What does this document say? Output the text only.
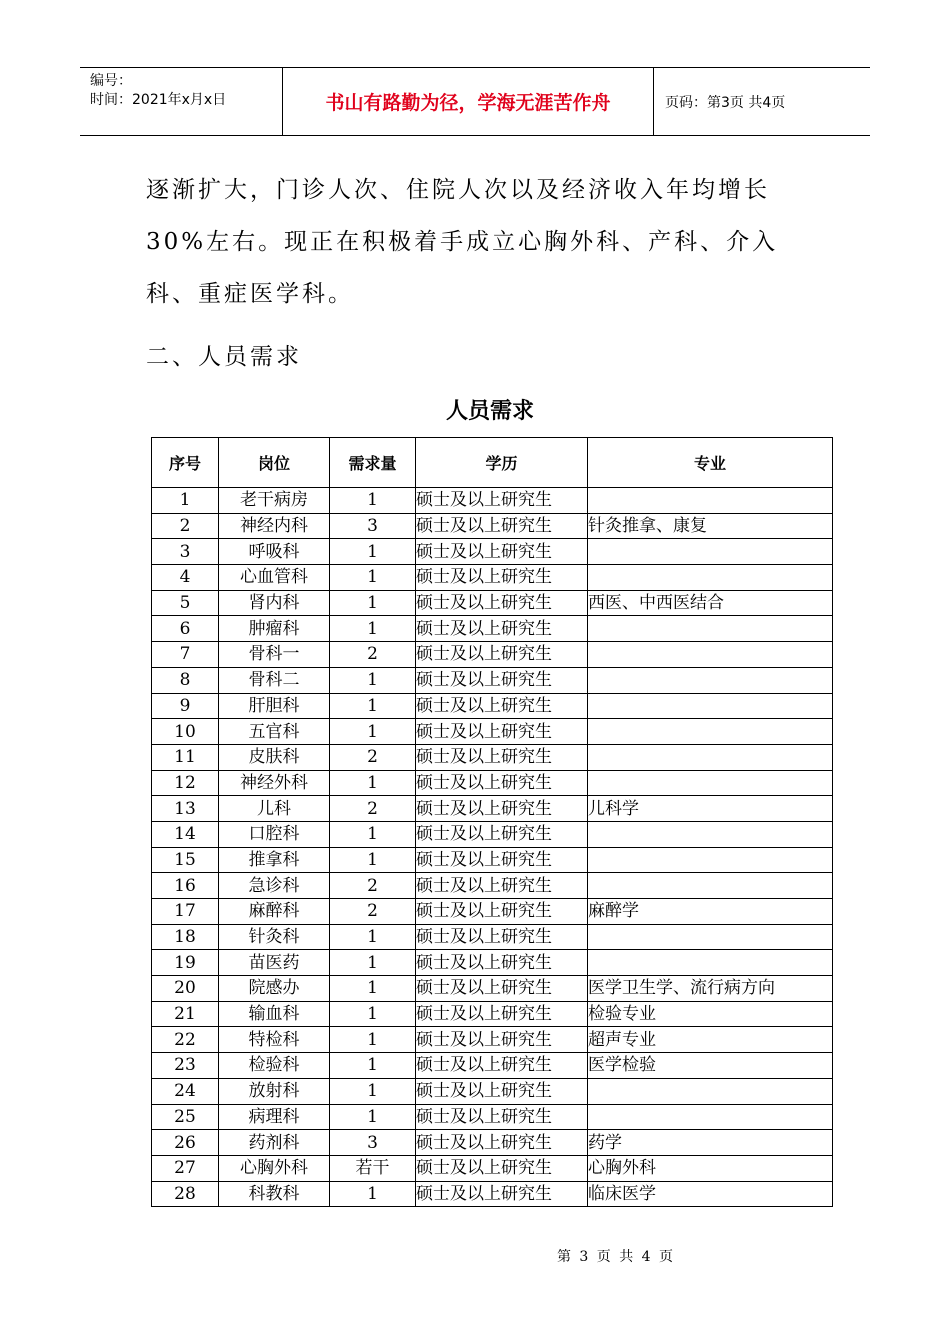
编号：
时间：2021年x月x日	书山有路勤为径，学海无涯苦作舟	页码：第3页 共4页

逐渐扩大，门诊人次、住院人次以及经济收入年均增长30%左右。现正在积极着手成立心胸外科、产科、介入科、重症医学科。

二、人员需求

人员需求

序号	岗位	需求量	学历	专业
1	老干病房	1	硕士及以上研究生	
2	神经内科	3	硕士及以上研究生	针灸推拿、康复
3	呼吸科	1	硕士及以上研究生	
4	心血管科	1	硕士及以上研究生	
5	肾内科	1	硕士及以上研究生	西医、中西医结合
6	肿瘤科	1	硕士及以上研究生	
7	骨科一	2	硕士及以上研究生	
8	骨科二	1	硕士及以上研究生	
9	肝胆科	1	硕士及以上研究生	
10	五官科	1	硕士及以上研究生	
11	皮肤科	2	硕士及以上研究生	
12	神经外科	1	硕士及以上研究生	
13	儿科	2	硕士及以上研究生	儿科学
14	口腔科	1	硕士及以上研究生	
15	推拿科	1	硕士及以上研究生	
16	急诊科	2	硕士及以上研究生	
17	麻醉科	2	硕士及以上研究生	麻醉学
18	针灸科	1	硕士及以上研究生	
19	苗医药	1	硕士及以上研究生	
20	院感办	1	硕士及以上研究生	医学卫生学、流行病方向
21	输血科	1	硕士及以上研究生	检验专业
22	特检科	1	硕士及以上研究生	超声专业
23	检验科	1	硕士及以上研究生	医学检验
24	放射科	1	硕士及以上研究生	
25	病理科	1	硕士及以上研究生	
26	药剂科	3	硕士及以上研究生	药学
27	心胸外科	若干	硕士及以上研究生	心胸外科
28	科教科	1	硕士及以上研究生	临床医学

第 3 页 共 4 页
